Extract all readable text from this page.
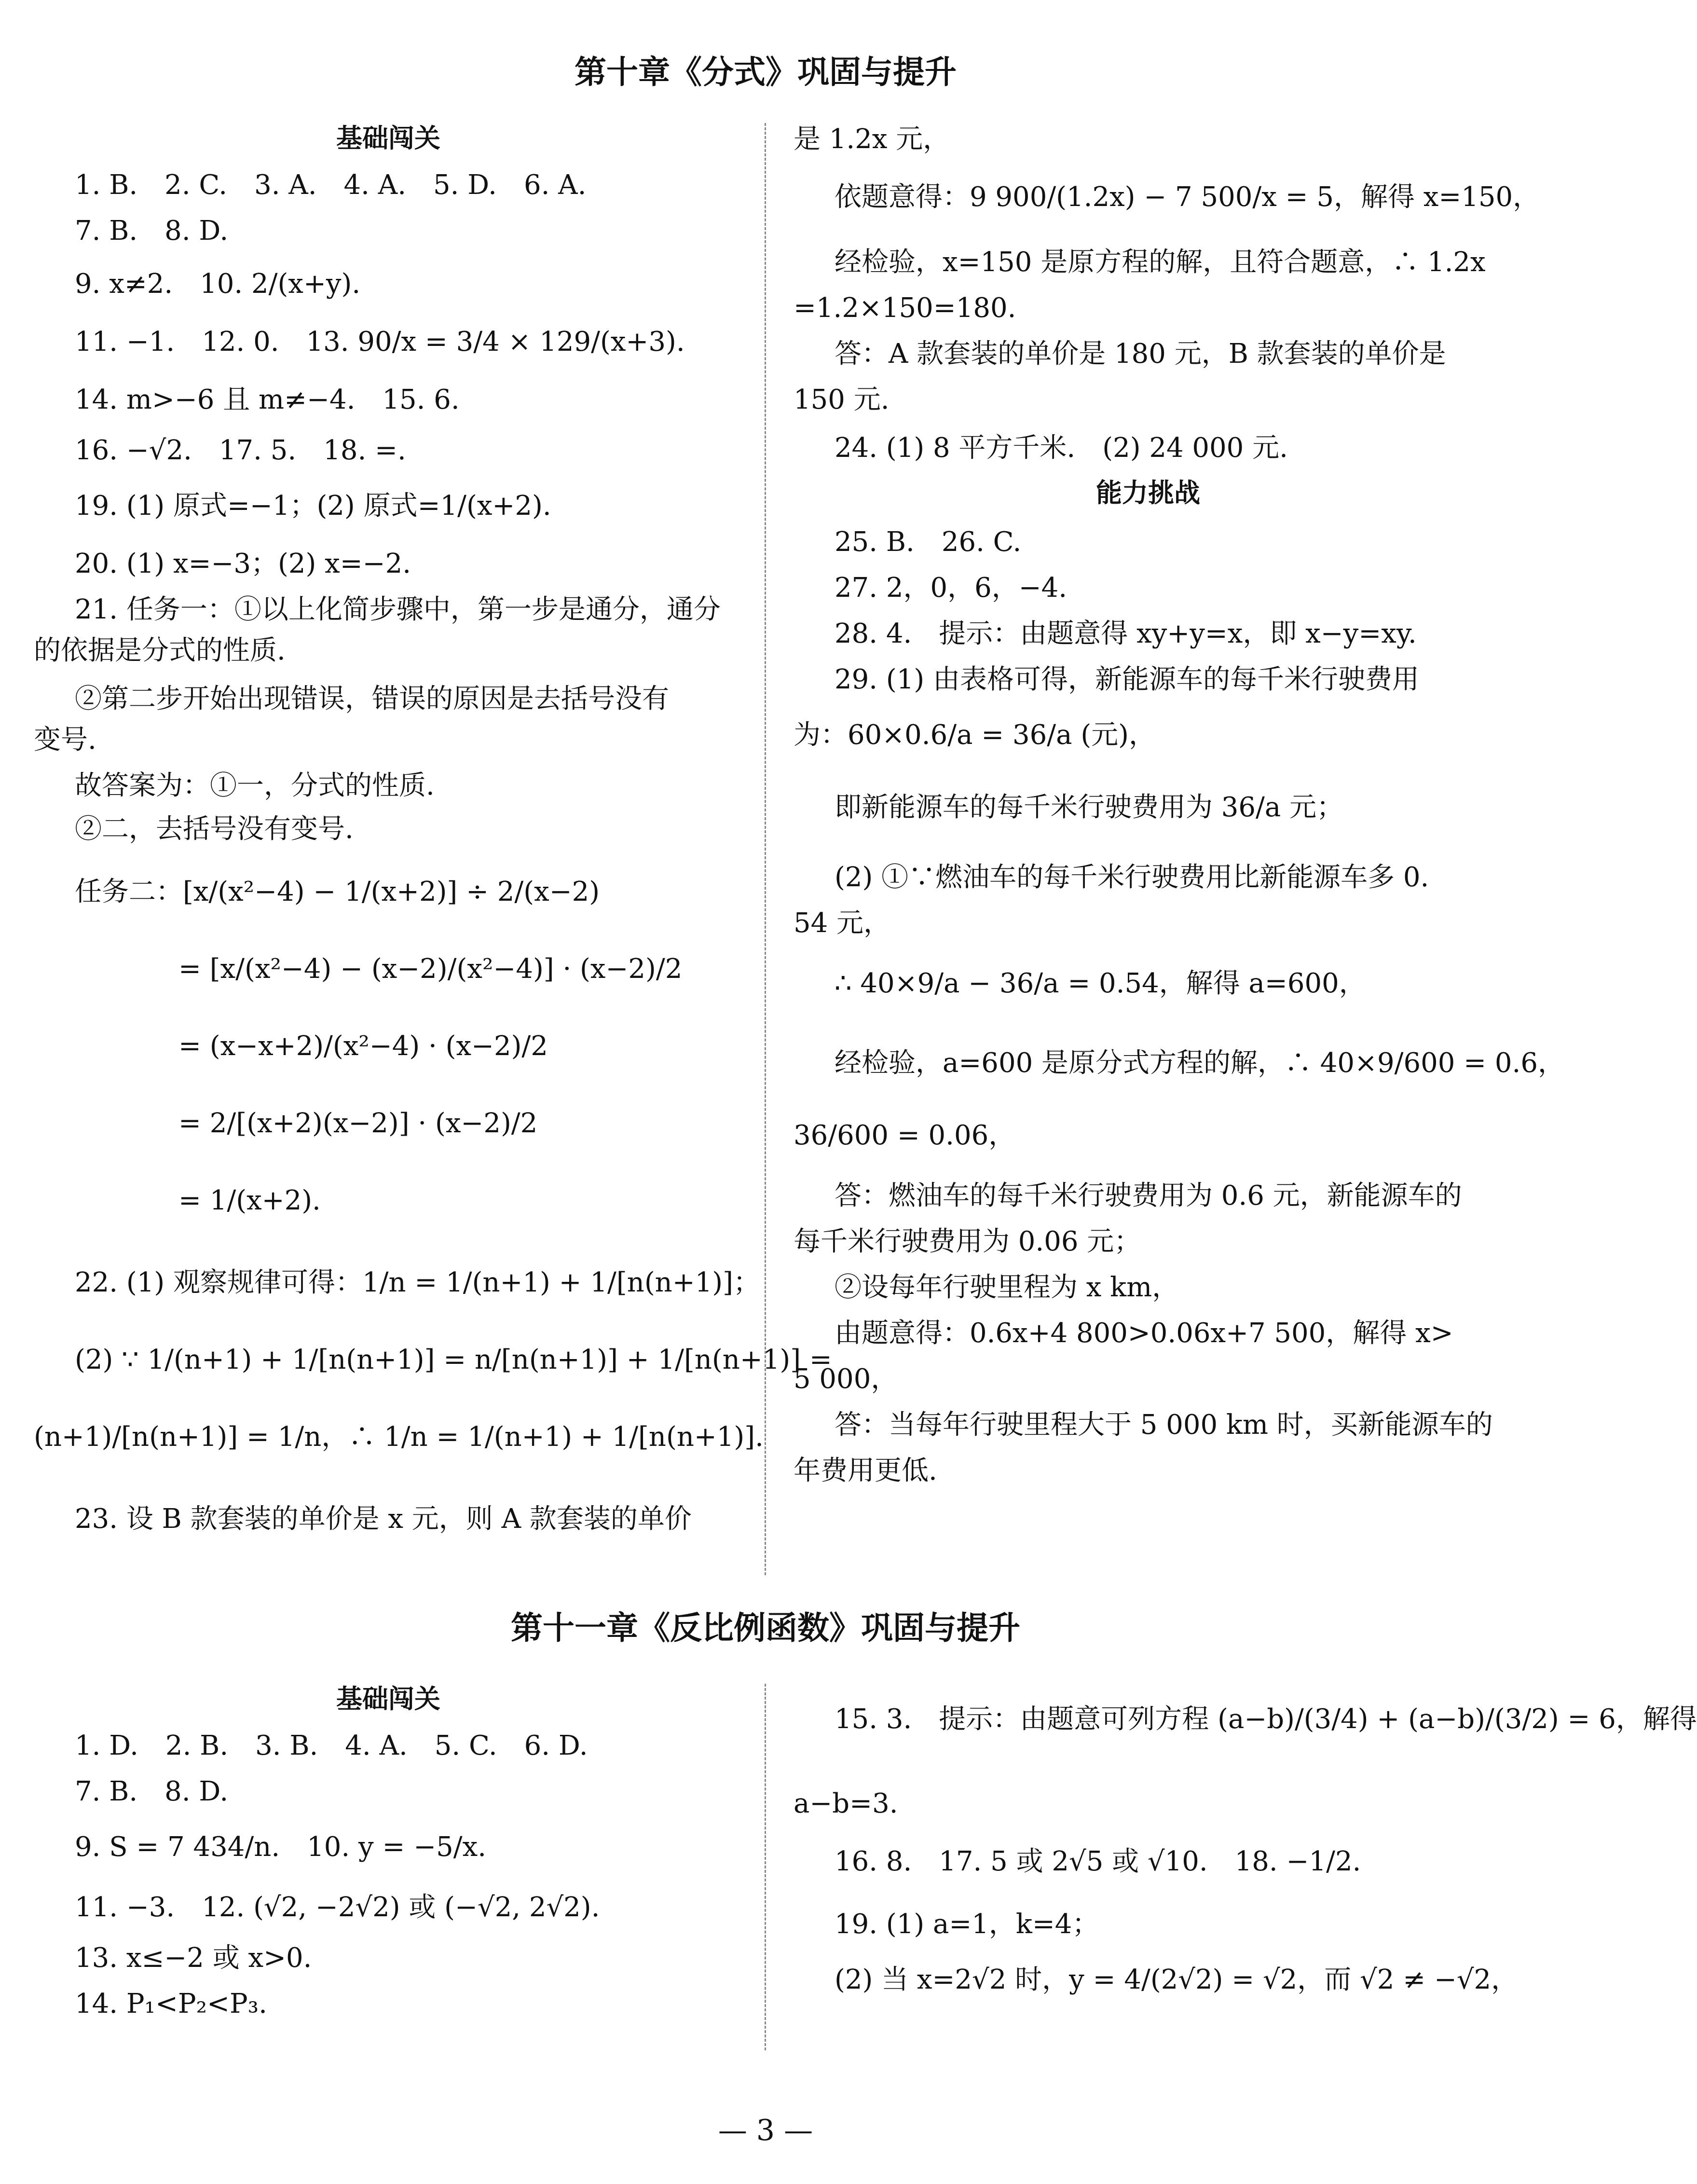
第十章《分式》巩固与提升
基础闯关
1. B.　2. C.　3. A.　4. A.　5. D.　6. A.
7. B.　8. D.
9. x≠2.　10. 2/(x+y).
11. −1.　12. 0.　13. 90/x = 3/4 × 129/(x+3).
14. m>−6 且 m≠−4.　15. 6.
16. −√2.　17. 5.　18. =.
19. (1) 原式=−1；(2) 原式=1/(x+2).
20. (1) x=−3；(2) x=−2.
21. 任务一：①以上化简步骤中，第一步是通分，通分
的依据是分式的性质.
②第二步开始出现错误，错误的原因是去括号没有
变号.
故答案为：①一，分式的性质.
②二，去括号没有变号.
任务二：[x/(x²−4) − 1/(x+2)] ÷ 2/(x−2)
= [x/(x²−4) − (x−2)/(x²−4)] · (x−2)/2
= (x−x+2)/(x²−4) · (x−2)/2
= 2/[(x+2)(x−2)] · (x−2)/2
= 1/(x+2).
22. (1) 观察规律可得：1/n = 1/(n+1) + 1/[n(n+1)]；
(2) ∵ 1/(n+1) + 1/[n(n+1)] = n/[n(n+1)] + 1/[n(n+1)] =
(n+1)/[n(n+1)] = 1/n，∴ 1/n = 1/(n+1) + 1/[n(n+1)].
23. 设 B 款套装的单价是 x 元，则 A 款套装的单价
是 1.2x 元，
依题意得：9 900/(1.2x) − 7 500/x = 5，解得 x=150，
经检验，x=150 是原方程的解，且符合题意，∴ 1.2x
=1.2×150=180.
答：A 款套装的单价是 180 元，B 款套装的单价是
150 元.
24. (1) 8 平方千米.　(2) 24 000 元.
能力挑战
25. B.　26. C.
27. 2，0，6，−4.
28. 4.　提示：由题意得 xy+y=x，即 x−y=xy.
29. (1) 由表格可得，新能源车的每千米行驶费用
为：60×0.6/a = 36/a (元)，
即新能源车的每千米行驶费用为 36/a 元；
(2) ①∵燃油车的每千米行驶费用比新能源车多 0.
54 元，
∴ 40×9/a − 36/a = 0.54，解得 a=600，
经检验，a=600 是原分式方程的解，∴ 40×9/600 = 0.6，
36/600 = 0.06，
答：燃油车的每千米行驶费用为 0.6 元，新能源车的
每千米行驶费用为 0.06 元；
②设每年行驶里程为 x km，
由题意得：0.6x+4 800>0.06x+7 500，解得 x>
5 000，
答：当每年行驶里程大于 5 000 km 时，买新能源车的
年费用更低.
第十一章《反比例函数》巩固与提升
基础闯关
1. D.　2. B.　3. B.　4. A.　5. C.　6. D.
7. B.　8. D.
9. S = 7 434/n.　10. y = −5/x.
11. −3.　12. (√2, −2√2) 或 (−√2, 2√2).
13. x≤−2 或 x>0.
14. P₁<P₂<P₃.
15. 3.　提示：由题意可列方程 (a−b)/(3/4) + (a−b)/(3/2) = 6，解得
a−b=3.
16. 8.　17. 5 或 2√5 或 √10.　18. −1/2.
19. (1) a=1，k=4；
(2) 当 x=2√2 时，y = 4/(2√2) = √2，而 √2 ≠ −√2，
— 3 —
